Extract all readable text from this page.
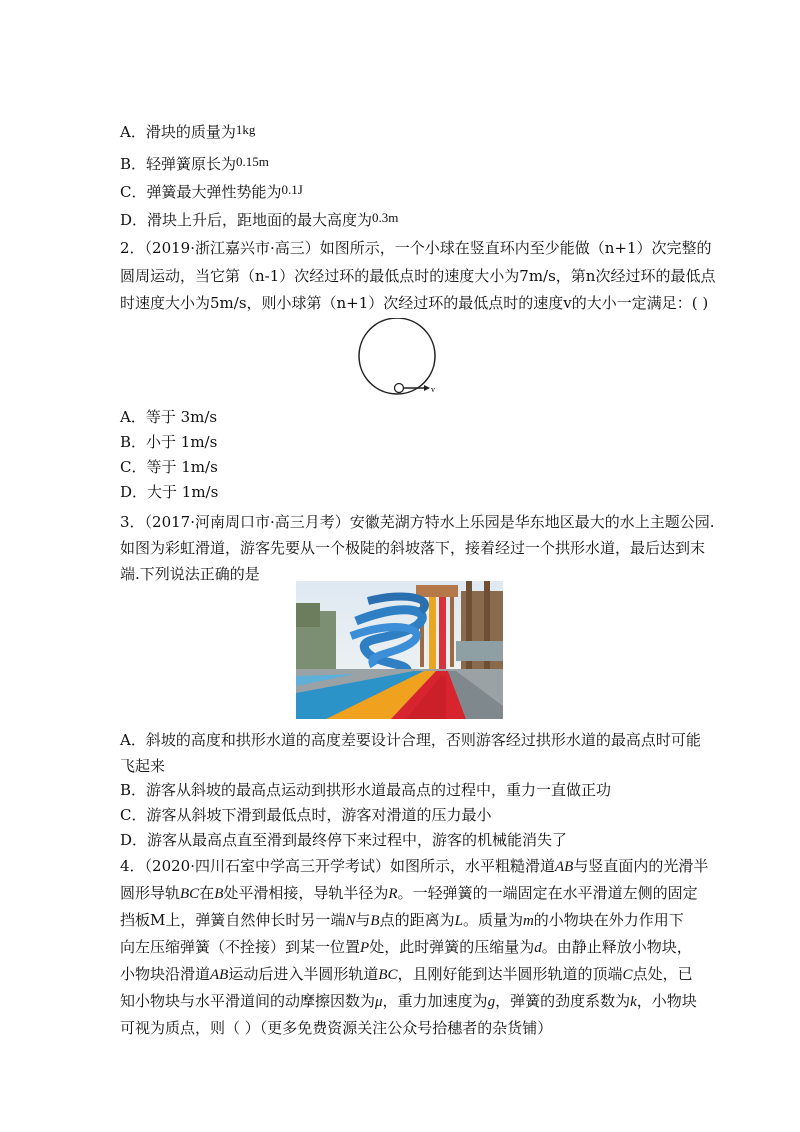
A．滑块的质量为1kg
B．轻弹簧原长为0.15m
C．弹簧最大弹性势能为0.1J
D．滑块上升后，距地面的最大高度为0.3m
2．（2019·浙江嘉兴市·高三）如图所示，一个小球在竖直环内至少能做（n+1）次完整的
圆周运动，当它第（n-1）次经过环的最低点时的速度大小为7m/s，第n次经过环的最低点
时速度大小为5m/s，则小球第（n+1）次经过环的最低点时的速度v的大小一定满足：( )
v
A．等于 3m/s
B．小于 1m/s
C．等于 1m/s
D．大于 1m/s
3．（2017·河南周口市·高三月考）安徽芜湖方特水上乐园是华东地区最大的水上主题公园.
如图为彩虹滑道，游客先要从一个极陡的斜坡落下，接着经过一个拱形水道，最后达到末
端.下列说法正确的是
A．斜坡的高度和拱形水道的高度差要设计合理，否则游客经过拱形水道的最高点时可能
飞起来
B．游客从斜坡的最高点运动到拱形水道最高点的过程中，重力一直做正功
C．游客从斜坡下滑到最低点时，游客对滑道的压力最小
D．游客从最高点直至滑到最终停下来过程中，游客的机械能消失了
4．（2020·四川石室中学高三开学考试）如图所示，水平粗糙滑道AB与竖直面内的光滑半
圆形导轨BC在B处平滑相接，导轨半径为R。一轻弹簧的一端固定在水平滑道左侧的固定
挡板M上，弹簧自然伸长时另一端N与B点的距离为L。质量为m的小物块在外力作用下
向左压缩弹簧（不拴接）到某一位置P处，此时弹簧的压缩量为d。由静止释放小物块，
小物块沿滑道AB运动后进入半圆形轨道BC，且刚好能到达半圆形轨道的顶端C点处，已
知小物块与水平滑道间的动摩擦因数为μ，重力加速度为g，弹簧的劲度系数为k，小物块
可视为质点，则（ ）（更多免费资源关注公众号拾穗者的杂货铺）
